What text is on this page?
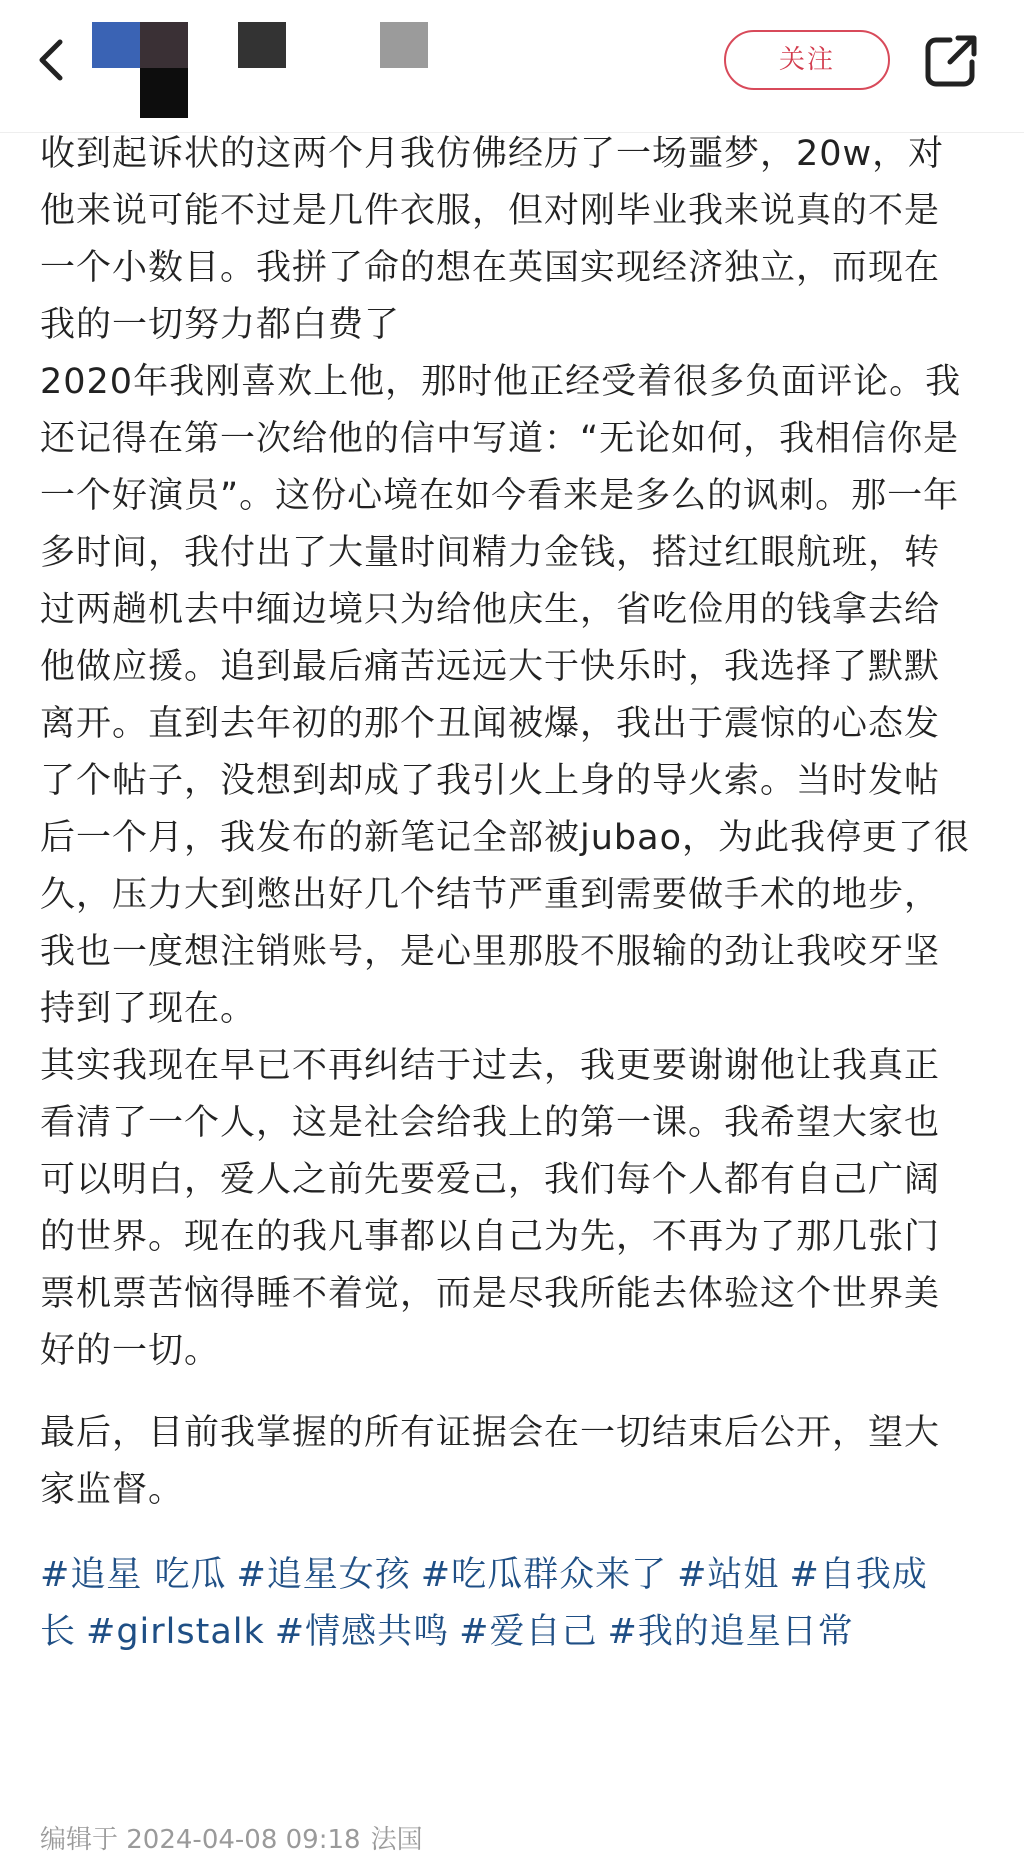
关注

收到起诉状的这两个月我仿佛经历了一场噩梦，20w，对他来说可能不过是几件衣服，但对刚毕业我来说真的不是一个小数目。我拼了命的想在英国实现经济独立，而现在我的一切努力都白费了

2020年我刚喜欢上他，那时他正经受着很多负面评论。我还记得在第一次给他的信中写道：“无论如何，我相信你是一个好演员”。这份心境在如今看来是多么的讽刺。那一年多时间，我付出了大量时间精力金钱，搭过红眼航班，转过两趟机去中缅边境只为给他庆生，省吃俭用的钱拿去给他做应援。追到最后痛苦远远大于快乐时，我选择了默默离开。直到去年初的那个丑闻被爆，我出于震惊的心态发了个帖子，没想到却成了我引火上身的导火索。当时发帖后一个月，我发布的新笔记全部被jubao，为此我停更了很久，压力大到憋出好几个结节严重到需要做手术的地步，我也一度想注销账号，是心里那股不服输的劲让我咬牙坚持到了现在。

其实我现在早已不再纠结于过去，我更要谢谢他让我真正看清了一个人，这是社会给我上的第一课。我希望大家也可以明白，爱人之前先要爱己，我们每个人都有自己广阔的世界。现在的我凡事都以自己为先，不再为了那几张门票机票苦恼得睡不着觉，而是尽我所能去体验这个世界美好的一切。

最后，目前我掌握的所有证据会在一切结束后公开，望大家监督。

#追星 吃瓜 #追星女孩 #吃瓜群众来了 #站姐 #自我成长 #girlstalk #情感共鸣 #爱自己 #我的追星日常
编辑于 2024-04-08 09:18 法国
